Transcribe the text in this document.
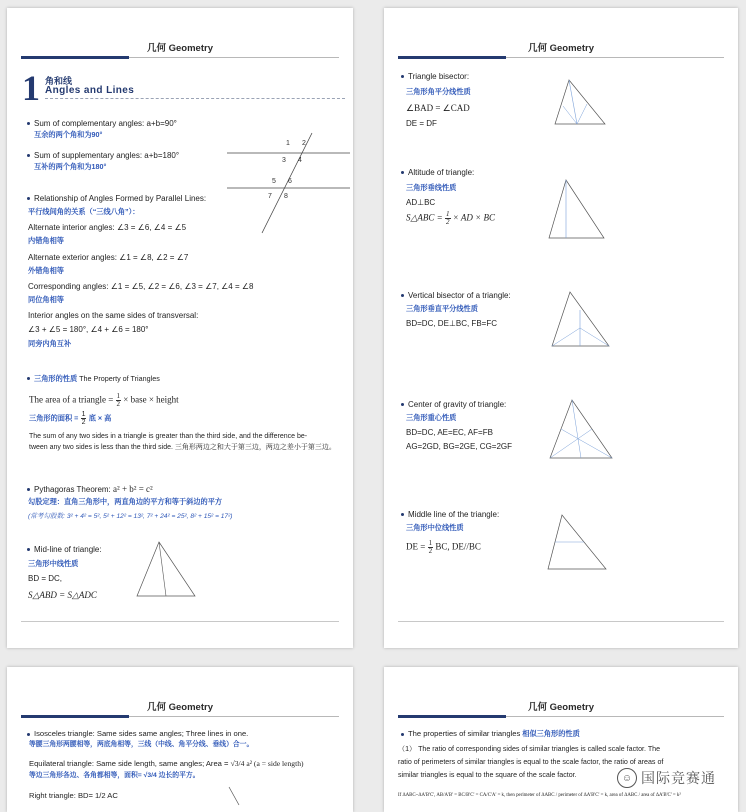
几何 Geometry
1 角和线
Angles and Lines
Sum of complementary angles: a+b=90°
互余的两个角和为90°
Sum of supplementary angles: a+b=180°
互补的两个角和为180°
1 2
3 4
5 6
7 8
Relationship of Angles Formed by Parallel Lines:
平行线间角的关系（“三线八角”）：
Alternate interior angles: ∠3 = ∠6, ∠4 = ∠5
内错角相等
Alternate exterior angles: ∠1 = ∠8, ∠2 = ∠7
外错角相等
Corresponding angles: ∠1 = ∠5, ∠2 = ∠6, ∠3 = ∠7, ∠4 = ∠8
同位角相等
Interior angles on the same sides of transversal:
∠3 + ∠5 = 180°, ∠4 + ∠6 = 180°
同旁内角互补
三角形的性质 The Property of Triangles
The area of a triangle = $\frac{1}{2}$ × base × height
三角形的面积 = $\frac{1}{2}$ 底 × 高
The sum of any two sides in a triangle is greater than the third side, and the difference be-
tween any two sides is less than the third side. 三角形两边之和大于第三边，两边之差小于第三边。
Pythagoras Theorem: a² + b² = c²
勾股定理：直角三角形中，两直角边的平方和等于斜边的平方
(常考勾股数: 3² + 4² = 5², 5² + 12² = 13², 7² + 24² = 25², 8² + 15² = 17²)
Mid-line of triangle:
三角形中线性质
BD = DC,
S△ABD = S△ADC
几何 Geometry
Triangle bisector:
三角形角平分线性质
∠BAD = ∠CAD
DE = DF
Altitude of triangle:
三角形垂线性质
AD⊥BC
S△ABC = $\frac{1}{2}$ × AD × BC
Vertical bisector of a triangle:
三角形垂直平分线性质
BD=DC, DE⊥BC, FB=FC
Center of gravity of triangle:
三角形重心性质
BD=DC, AE=EC, AF=FB
AG=2GD, BG=2GE, CG=2GF
Middle line of the triangle:
三角形中位线性质
DE = $\frac{1}{2}$ BC, DE//BC
几何 Geometry
Isosceles triangle: Same sides same angles; Three lines in one.
等腰三角形两腰相等，两底角相等，三线（中线、角平分线、垂线）合一。
Equilateral triangle: Same side length, same angles; Area = √3/4 a² (a = side length)
等边三角形各边、各角都相等，面积= √3/4 边长的平方。
Right triangle: BD= 1/2 AC
几何 Geometry
The properties of similar triangles 相似三角形的性质
（1） The ratio of corresponding sides of similar triangles is called scale factor. The
ratio of perimeters of similar triangles is equal to the scale factor, the ratio of areas of
similar triangles is equal to the square of the scale factor.
If ΔABC~ΔA'B'C', AB/A'B' = BC/B'C' = CA/C'A' = k, then perimeter of ΔABC / perimeter of ΔA'B'C' = k, area of ΔABC / area of ΔA'B'C' = k²
☺ 国际竞赛通
